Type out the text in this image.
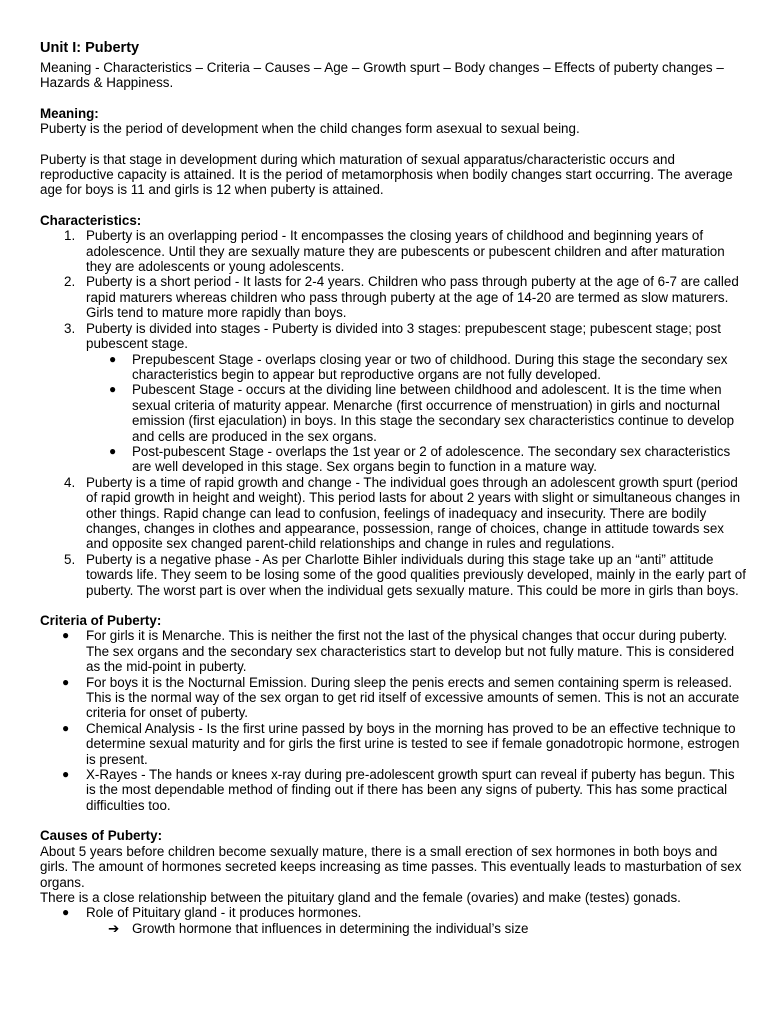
Unit I: Puberty

Meaning - Characteristics – Criteria – Causes – Age – Growth spurt – Body changes – Effects of puberty changes – Hazards & Happiness.

Meaning:

Puberty is the period of development when the child changes form asexual to sexual being.

Puberty is that stage in development during which maturation of sexual apparatus/characteristic occurs and reproductive capacity is attained. It is the period of metamorphosis when bodily changes start occurring. The average age for boys is 11 and girls is 12 when puberty is attained.

Characteristics:

1. Puberty is an overlapping period - It encompasses the closing years of childhood and beginning years of adolescence. Until they are sexually mature they are pubescents or pubescent children and after maturation they are adolescents or young adolescents.
2. Puberty is a short period - It lasts for 2-4 years. Children who pass through puberty at the age of 6-7 are called rapid maturers whereas children who pass through puberty at the age of 14-20 are termed as slow maturers. Girls tend to mature more rapidly than boys.
3. Puberty is divided into stages - Puberty is divided into 3 stages: prepubescent stage; pubescent stage; post pubescent stage.
● Prepubescent Stage - overlaps closing year or two of childhood. During this stage the secondary sex characteristics begin to appear but reproductive organs are not fully developed.
● Pubescent Stage - occurs at the dividing line between childhood and adolescent. It is the time when sexual criteria of maturity appear. Menarche (first occurrence of menstruation) in girls and nocturnal emission (first ejaculation) in boys. In this stage the secondary sex characteristics continue to develop and cells are produced in the sex organs.
● Post-pubescent Stage - overlaps the 1st year or 2 of adolescence. The secondary sex characteristics are well developed in this stage. Sex organs begin to function in a mature way.
4. Puberty is a time of rapid growth and change - The individual goes through an adolescent growth spurt (period of rapid growth in height and weight). This period lasts for about 2 years with slight or simultaneous changes in other things. Rapid change can lead to confusion, feelings of inadequacy and insecurity. There are bodily changes, changes in clothes and appearance, possession, range of choices, change in attitude towards sex and opposite sex changed parent-child relationships and change in rules and regulations.
5. Puberty is a negative phase - As per Charlotte Bihler individuals during this stage take up an “anti” attitude towards life. They seem to be losing some of the good qualities previously developed, mainly in the early part of puberty. The worst part is over when the individual gets sexually mature. This could be more in girls than boys.

Criteria of Puberty:

● For girls it is Menarche. This is neither the first not the last of the physical changes that occur during puberty. The sex organs and the secondary sex characteristics start to develop but not fully mature. This is considered as the mid-point in puberty.
● For boys it is the Nocturnal Emission. During sleep the penis erects and semen containing sperm is released. This is the normal way of the sex organ to get rid itself of excessive amounts of semen. This is not an accurate criteria for onset of puberty.
● Chemical Analysis - Is the first urine passed by boys in the morning has proved to be an effective technique to determine sexual maturity and for girls the first urine is tested to see if female gonadotropic hormone, estrogen is present.
● X-Rayes - The hands or knees x-ray during pre-adolescent growth spurt can reveal if puberty has begun. This is the most dependable method of finding out if there has been any signs of puberty. This has some practical difficulties too.

Causes of Puberty:

About 5 years before children become sexually mature, there is a small erection of sex hormones in both boys and girls. The amount of hormones secreted keeps increasing as time passes. This eventually leads to masturbation of sex organs.

There is a close relationship between the pituitary gland and the female (ovaries) and make (testes) gonads.

● Role of Pituitary gland - it produces hormones.
➔ Growth hormone that influences in determining the individual’s size
